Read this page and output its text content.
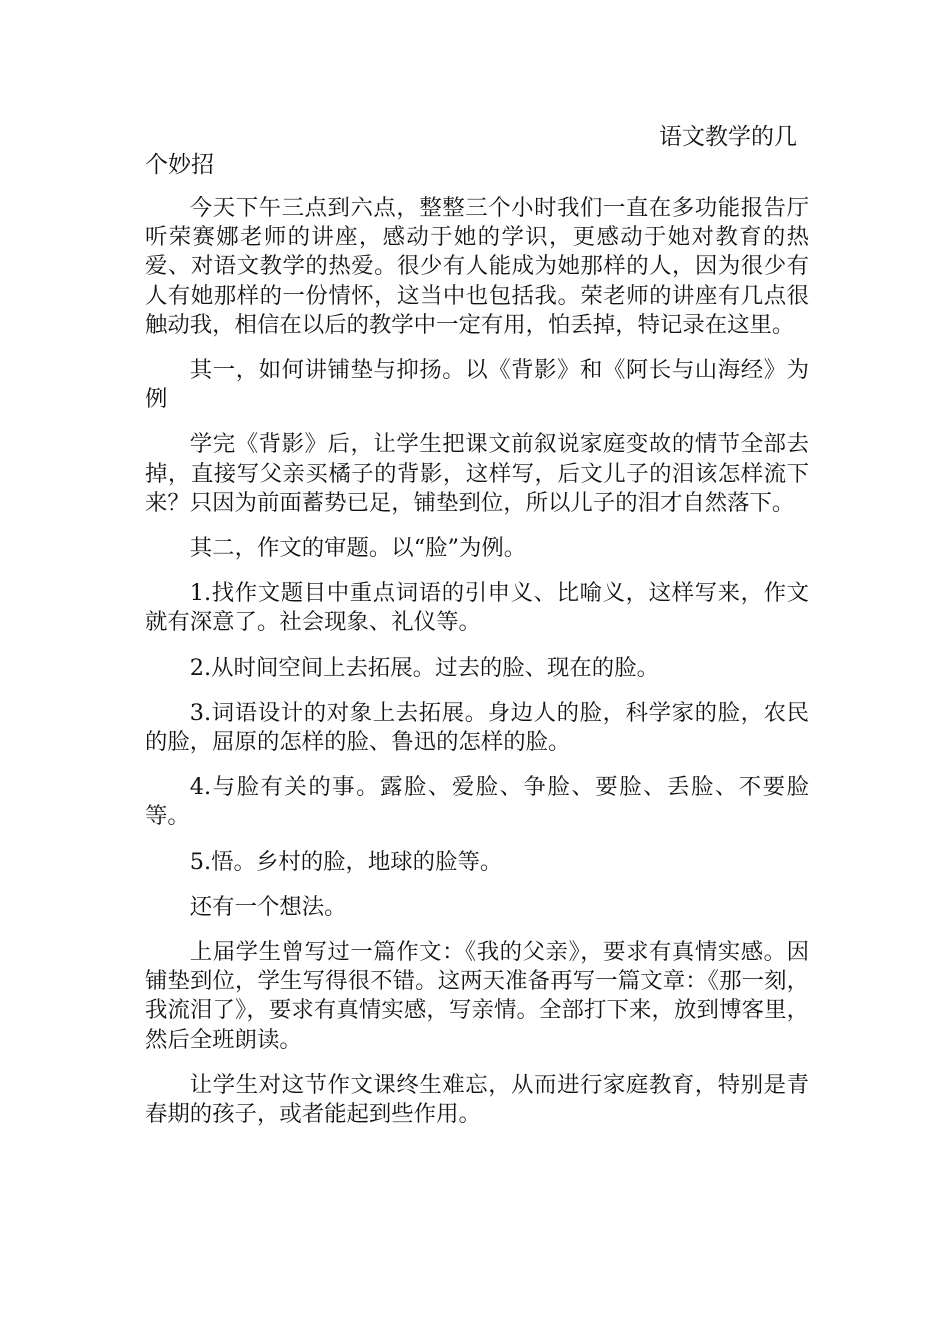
语文教学的几

个妙招

今天下午三点到六点，整整三个小时我们一直在多功能报告厅听荣赛娜老师的讲座，感动于她的学识，更感动于她对教育的热爱、对语文教学的热爱。很少有人能成为她那样的人，因为很少有人有她那样的一份情怀，这当中也包括我。荣老师的讲座有几点很触动我，相信在以后的教学中一定有用，怕丢掉，特记录在这里。

其一，如何讲铺垫与抑扬。以《背影》和《阿长与山海经》为例

学完《背影》后，让学生把课文前叙说家庭变故的情节全部去掉，直接写父亲买橘子的背影，这样写，后文儿子的泪该怎样流下来？只因为前面蓄势已足，铺垫到位，所以儿子的泪才自然落下。

其二，作文的审题。以“脸”为例。

1.找作文题目中重点词语的引申义、比喻义，这样写来，作文就有深意了。社会现象、礼仪等。

2.从时间空间上去拓展。过去的脸、现在的脸。

3.词语设计的对象上去拓展。身边人的脸，科学家的脸，农民的脸，屈原的怎样的脸、鲁迅的怎样的脸。

4.与脸有关的事。露脸、爱脸、争脸、要脸、丢脸、不要脸等。

5.悟。乡村的脸，地球的脸等。

还有一个想法。

上届学生曾写过一篇作文：《我的父亲》，要求有真情实感。因铺垫到位，学生写得很不错。这两天准备再写一篇文章：《那一刻，我流泪了》，要求有真情实感，写亲情。全部打下来，放到博客里，然后全班朗读。

让学生对这节作文课终生难忘，从而进行家庭教育，特别是青春期的孩子，或者能起到些作用。
